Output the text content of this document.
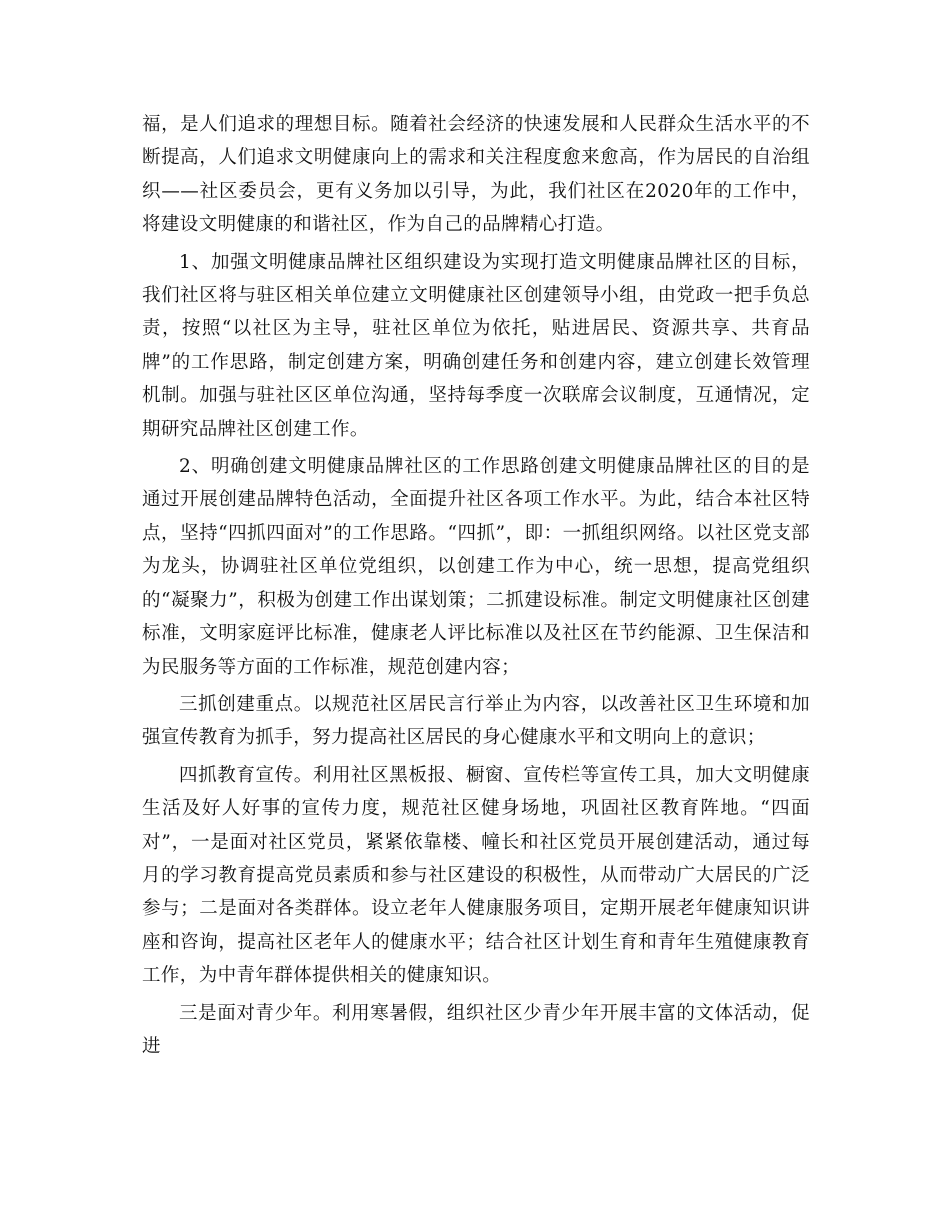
福，是人们追求的理想目标。随着社会经济的快速发展和人民群众生活水平的不断提高，人们追求文明健康向上的需求和关注程度愈来愈高，作为居民的自治组织——社区委员会，更有义务加以引导，为此，我们社区在2020年的工作中，将建设文明健康的和谐社区，作为自己的品牌精心打造。

1、加强文明健康品牌社区组织建设为实现打造文明健康品牌社区的目标，我们社区将与驻区相关单位建立文明健康社区创建领导小组，由党政一把手负总责，按照“以社区为主导，驻社区单位为依托，贴进居民、资源共享、共育品牌”的工作思路，制定创建方案，明确创建任务和创建内容，建立创建长效管理机制。加强与驻社区区单位沟通，坚持每季度一次联席会议制度，互通情况，定期研究品牌社区创建工作。

2、明确创建文明健康品牌社区的工作思路创建文明健康品牌社区的目的是通过开展创建品牌特色活动，全面提升社区各项工作水平。为此，结合本社区特点，坚持“四抓四面对”的工作思路。“四抓”，即：一抓组织网络。以社区党支部为龙头，协调驻社区单位党组织，以创建工作为中心，统一思想，提高党组织的“凝聚力”，积极为创建工作出谋划策；二抓建设标准。制定文明健康社区创建标准，文明家庭评比标准，健康老人评比标准以及社区在节约能源、卫生保洁和为民服务等方面的工作标准，规范创建内容；

三抓创建重点。以规范社区居民言行举止为内容，以改善社区卫生环境和加强宣传教育为抓手，努力提高社区居民的身心健康水平和文明向上的意识；

四抓教育宣传。利用社区黑板报、橱窗、宣传栏等宣传工具，加大文明健康生活及好人好事的宣传力度，规范社区健身场地，巩固社区教育阵地。“四面对”，一是面对社区党员，紧紧依靠楼、幢长和社区党员开展创建活动，通过每月的学习教育提高党员素质和参与社区建设的积极性，从而带动广大居民的广泛参与；二是面对各类群体。设立老年人健康服务项目，定期开展老年健康知识讲座和咨询，提高社区老年人的健康水平；结合社区计划生育和青年生殖健康教育工作，为中青年群体提供相关的健康知识。

三是面对青少年。利用寒暑假，组织社区少青少年开展丰富的文体活动，促进
